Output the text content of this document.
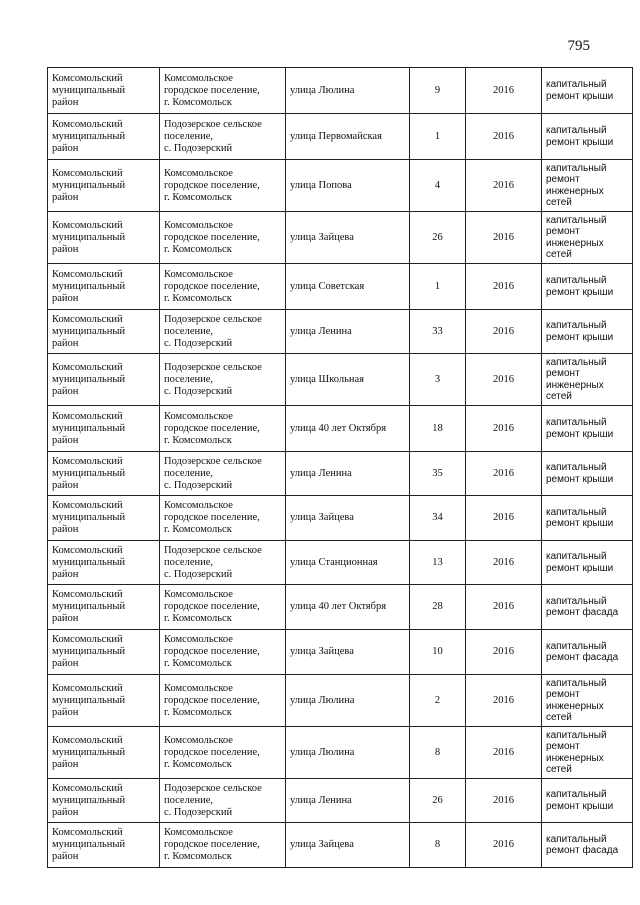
795
Комсомольский
муниципальный
район	Комсомольское
городское поселение,
г. Комсомольск	улица Люлина	9	2016	капитальный
ремонт крыши
Комсомольский
муниципальный
район	Подозерское сельское
поселение,
с. Подозерский	улица Первомайская	1	2016	капитальный
ремонт крыши
Комсомольский
муниципальный
район	Комсомольское
городское поселение,
г. Комсомольск	улица Попова	4	2016	капитальный
ремонт
инженерных
сетей
Комсомольский
муниципальный
район	Комсомольское
городское поселение,
г. Комсомольск	улица Зайцева	26	2016	капитальный
ремонт
инженерных
сетей
Комсомольский
муниципальный
район	Комсомольское
городское поселение,
г. Комсомольск	улица Советская	1	2016	капитальный
ремонт крыши
Комсомольский
муниципальный
район	Подозерское сельское
поселение,
с. Подозерский	улица Ленина	33	2016	капитальный
ремонт крыши
Комсомольский
муниципальный
район	Подозерское сельское
поселение,
с. Подозерский	улица Школьная	3	2016	капитальный
ремонт
инженерных
сетей
Комсомольский
муниципальный
район	Комсомольское
городское поселение,
г. Комсомольск	улица 40 лет Октября	18	2016	капитальный
ремонт крыши
Комсомольский
муниципальный
район	Подозерское сельское
поселение,
с. Подозерский	улица Ленина	35	2016	капитальный
ремонт крыши
Комсомольский
муниципальный
район	Комсомольское
городское поселение,
г. Комсомольск	улица Зайцева	34	2016	капитальный
ремонт крыши
Комсомольский
муниципальный
район	Подозерское сельское
поселение,
с. Подозерский	улица Станционная	13	2016	капитальный
ремонт крыши
Комсомольский
муниципальный
район	Комсомольское
городское поселение,
г. Комсомольск	улица 40 лет Октября	28	2016	капитальный
ремонт фасада
Комсомольский
муниципальный
район	Комсомольское
городское поселение,
г. Комсомольск	улица Зайцева	10	2016	капитальный
ремонт фасада
Комсомольский
муниципальный
район	Комсомольское
городское поселение,
г. Комсомольск	улица Люлина	2	2016	капитальный
ремонт
инженерных
сетей
Комсомольский
муниципальный
район	Комсомольское
городское поселение,
г. Комсомольск	улица Люлина	8	2016	капитальный
ремонт
инженерных
сетей
Комсомольский
муниципальный
район	Подозерское сельское
поселение,
с. Подозерский	улица Ленина	26	2016	капитальный
ремонт крыши
Комсомольский
муниципальный
район	Комсомольское
городское поселение,
г. Комсомольск	улица Зайцева	8	2016	капитальный
ремонт фасада
